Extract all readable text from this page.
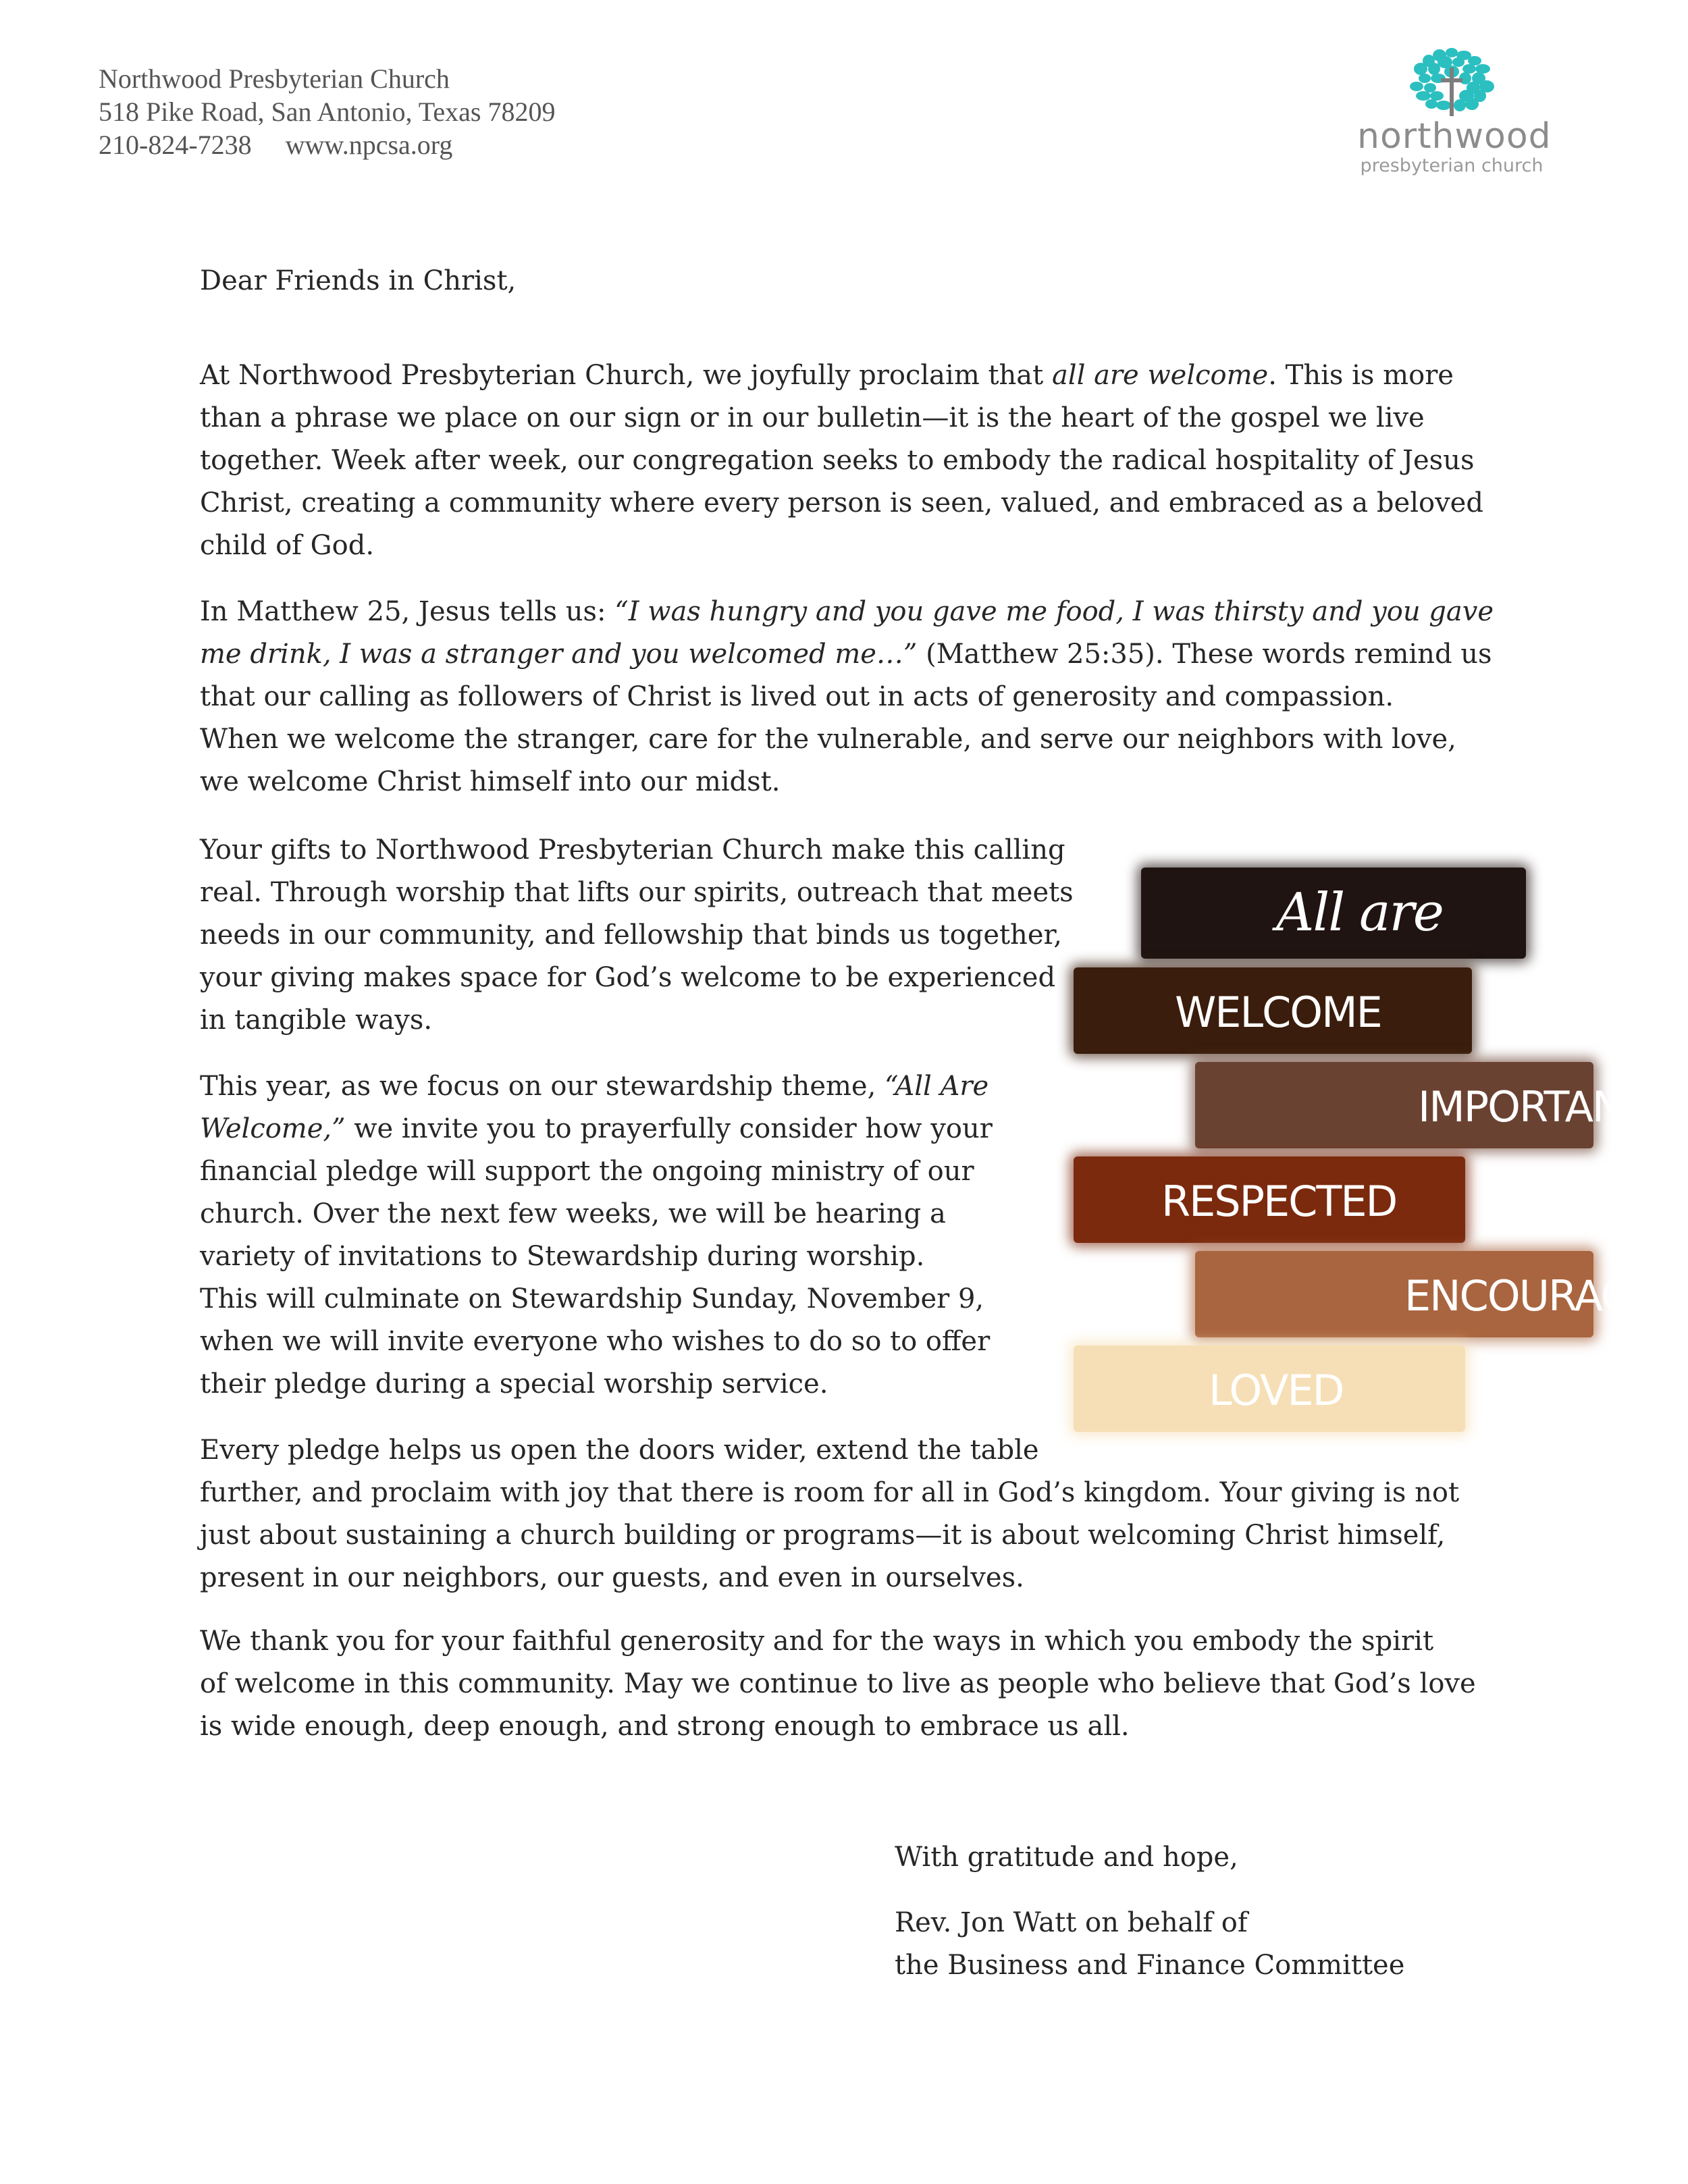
Northwood Presbyterian Church
518 Pike Road, San Antonio, Texas 78209
210-824-7238 www.npcsa.org	northwood
presbyterian church

Dear Friends in Christ,

At Northwood Presbyterian Church, we joyfully proclaim that all are welcome. This is more
than a phrase we place on our sign or in our bulletin—it is the heart of the gospel we live
together. Week after week, our congregation seeks to embody the radical hospitality of Jesus
Christ, creating a community where every person is seen, valued, and embraced as a beloved
child of God.

In Matthew 25, Jesus tells us: “I was hungry and you gave me food, I was thirsty and you gave
me drink, I was a stranger and you welcomed me…” (Matthew 25:35). These words remind us
that our calling as followers of Christ is lived out in acts of generosity and compassion.
When we welcome the stranger, care for the vulnerable, and serve our neighbors with love,
we welcome Christ himself into our midst.

Your gifts to Northwood Presbyterian Church make this calling
real. Through worship that lifts our spirits, outreach that meets
needs in our community, and fellowship that binds us together,
your giving makes space for God’s welcome to be experienced
in tangible ways.

This year, as we focus on our stewardship theme, “All Are
Welcome,” we invite you to prayerfully consider how your
financial pledge will support the ongoing ministry of our
church. Over the next few weeks, we will be hearing a
variety of invitations to Stewardship during worship.
This will culminate on Stewardship Sunday, November 9,
when we will invite everyone who wishes to do so to offer
their pledge during a special worship service.

Every pledge helps us open the doors wider, extend the table
further, and proclaim with joy that there is room for all in God’s kingdom. Your giving is not
just about sustaining a church building or programs—it is about welcoming Christ himself,
present in our neighbors, our guests, and even in ourselves.

We thank you for your faithful generosity and for the ways in which you embody the spirit
of welcome in this community. May we continue to live as people who believe that God’s love
is wide enough, deep enough, and strong enough to embrace us all.

With gratitude and hope,

Rev. Jon Watt on behalf of
the Business and Finance Committee

All are
WELCOME
IMPORTANT
RESPECTED
ENCOURAGED
LOVED
